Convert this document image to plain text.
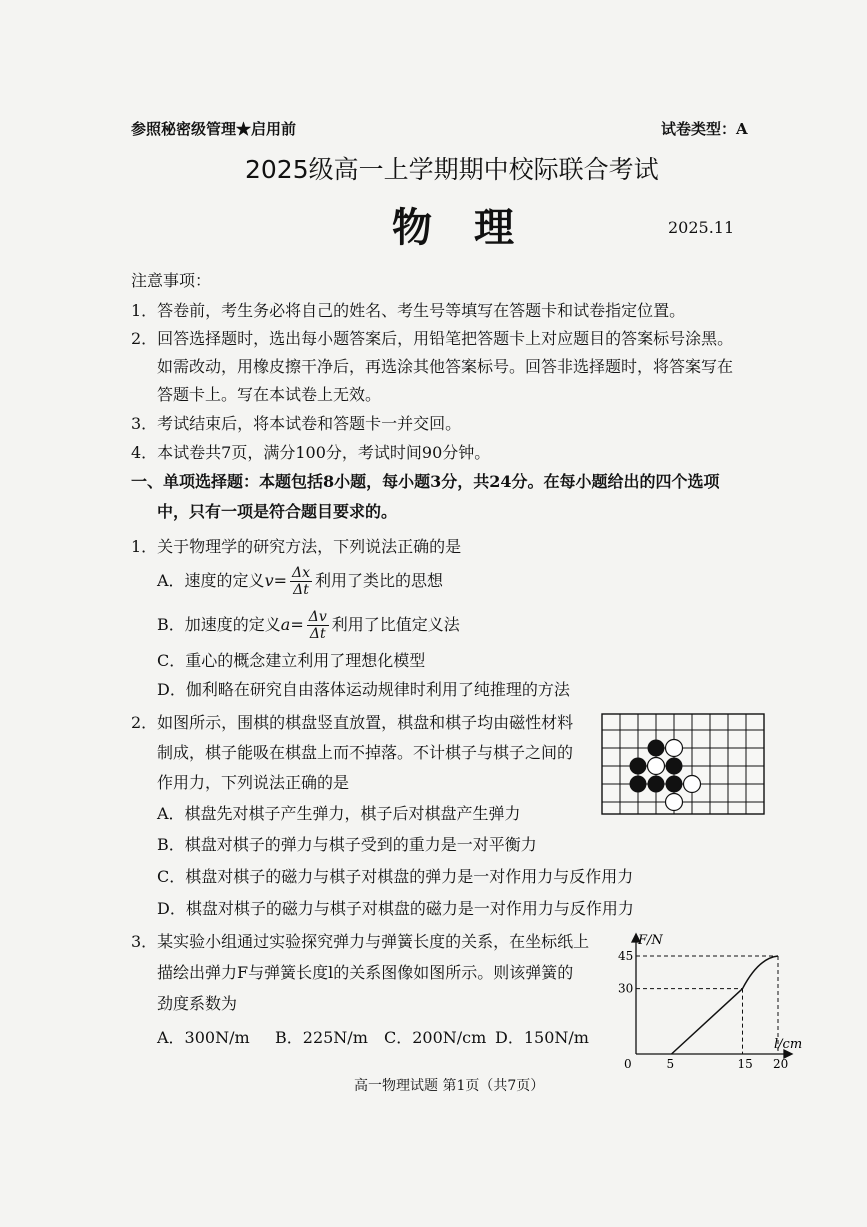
参照秘密级管理★启用前	试卷类型：A
2025级高一上学期期中校际联合考试
物理	2025.11
注意事项：
1．答卷前，考生务必将自己的姓名、考生号等填写在答题卡和试卷指定位置。
2．回答选择题时，选出每小题答案后，用铅笔把答题卡上对应题目的答案标号涂黑。
如需改动，用橡皮擦干净后，再选涂其他答案标号。回答非选择题时，将答案写在
答题卡上。写在本试卷上无效。
3．考试结束后，将本试卷和答题卡一并交回。
4．本试卷共7页，满分100分，考试时间90分钟。
一、单项选择题：本题包括8小题，每小题3分，共24分。在每小题给出的四个选项
中，只有一项是符合题目要求的。
1．关于物理学的研究方法，下列说法正确的是
A．速度的定义$v= \frac{\Delta x}{\Delta t}$ 利用了类比的思想
B．加速度的定义$a= \frac{\Delta v}{\Delta t}$ 利用了比值定义法
C．重心的概念建立利用了理想化模型
D．伽利略在研究自由落体运动规律时利用了纯推理的方法
2．如图所示，围棋的棋盘竖直放置，棋盘和棋子均由磁性材料
制成，棋子能吸在棋盘上而不掉落。不计棋子与棋子之间的
作用力，下列说法正确的是
A．棋盘先对棋子产生弹力，棋子后对棋盘产生弹力
B．棋盘对棋子的弹力与棋子受到的重力是一对平衡力
C．棋盘对棋子的磁力与棋子对棋盘的弹力是一对作用力与反作用力
D．棋盘对棋子的磁力与棋子对棋盘的磁力是一对作用力与反作用力
3．某实验小组通过实验探究弹力与弹簧长度的关系，在坐标纸上
描绘出弹力F与弹簧长度l的关系图像如图所示。则该弹簧的
劲度系数为
A．300N/m B．225N/m C．200N/cm D．150N/m
0	5	15 20
30
45
F/N
l/cm
高一物理试题 第1页（共7页）
